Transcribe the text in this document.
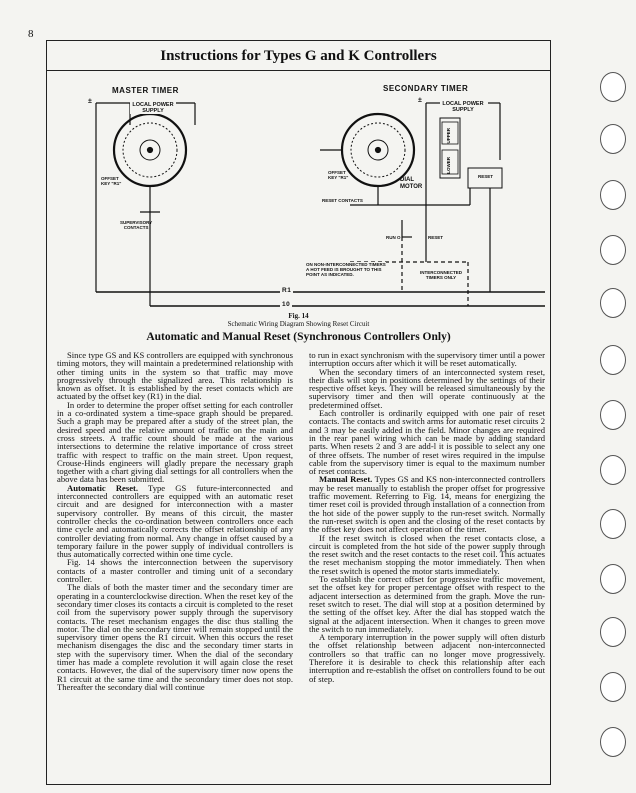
8
Instructions for Types G and K Controllers
MASTER TIMER	SECONDARY TIMER
±	±
LOCAL POWER
SUPPLY
LOCAL POWER
SUPPLY
OFFSET
KEY "R1"
OFFSET
KEY "R1"
SUPERVISORY
CONTACTS
DIAL
MOTOR
RESET CONTACTS
RESET
UPPER
LOWER
RUN O	RESET
ON NON-INTERCONNECTED TIMERS
A HOT FEED IS BROUGHT TO THIS
POINT AS INDICATED.	INTERCONNECTED
TIMERS ONLY
R1
10
Fig. 14
Schematic Wiring Diagram Showing Reset Circuit
Automatic and Manual Reset (Synchronous Controllers Only)

Since type GS and KS controllers are equipped with synchronous timing motors, they will maintain a predetermined relationship with other timing units in the system so that traffic may move progressively through the signalized area. This relationship is known as offset. It is established by the reset contacts which are actuated by the offset key (R1) in the dial.

In order to determine the proper offset setting for each controller in a co-ordinated system a time-space graph should be prepared. Such a graph may be prepared after a study of the street plan, the desired speed and the relative amount of traffic on the main and cross streets. A traffic count should be made at the various intersections to determine the relative importance of cross street traffic with respect to traffic on the main street. Upon request, Crouse-Hinds engineers will gladly prepare the necessary graph together with a chart giving dial settings for all controllers when the above data has been submitted.

Automatic Reset. Type GS future-interconnected and interconnected controllers are equipped with an automatic reset circuit and are designed for interconnection with a master supervisory controller. By means of this circuit, the master controller checks the co-ordination between controllers once each time cycle and automatically corrects the offset relationship of any controller deviating from normal. Any change in offset caused by a temporary failure in the power supply of individual controllers is thus automatically corrected within one time cycle.

Fig. 14 shows the interconnection between the supervisory contacts of a master controller and timing unit of a secondary controller.

The dials of both the master timer and the secondary timer are operating in a counterclockwise direction. When the reset key of the secondary timer closes its contacts a circuit is completed to the reset coil from the supervisory power supply through the supervisory contacts. The reset mechanism engages the disc thus stalling the motor. The dial on the secondary timer will remain stopped until the supervisory timer opens the R1 circuit. When this occurs the reset mechanism disengages the disc and the secondary timer starts in step with the supervisory timer. When the dial of the secondary timer has made a complete revolution it will again close the reset contacts. However, the dial of the supervisory timer now opens the R1 circuit at the same time and the secondary timer does not stop. Thereafter the secondary dial will continue

to run in exact synchronism with the supervisory timer until a power interruption occurs after which it will be reset automatically.

When the secondary timers of an interconnected system reset, their dials will stop in positions determined by the settings of their respective offset keys. They will be released simultaneously by the supervisory timer and then will operate continuously at the predetermined offset.

Each controller is ordinarily equipped with one pair of reset contacts. The contacts and switch arms for automatic reset circuits 2 and 3 may be easily added in the field. Minor changes are required in the rear panel wiring which can be made by adding standard parts. When resets 2 and 3 are add-l it is possible to select any one of three offsets. The number of reset wires required in the impulse cable from the supervisory timer is equal to the maximum number of reset contacts.

Manual Reset. Types GS and KS non-interconnected controllers may be reset manually to establish the proper offset for progressive traffic movement. Referring to Fig. 14, means for energizing the timer reset coil is provided through installation of a connection from the hot side of the power supply to the run-reset switch. Normally the run-reset switch is open and the closing of the reset contacts by the offset key does not affect operation of the timer.

If the reset switch is closed when the reset contacts close, a circuit is completed from the hot side of the power supply through the reset switch and the reset contacts to the reset coil. This actuates the reset mechanism stopping the motor immediately. Then when the reset switch is opened the motor starts immediately.

To establish the correct offset for progressive traffic movement, set the offset key for proper percentage offset with respect to the adjacent intersection as determined from the graph. Move the run-reset switch to reset. The dial will stop at a position determined by the setting of the offset key. After the dial has stopped watch the signal at the adjacent intersection. When it changes to green move the switch to run immediately.

A temporary interruption in the power supply will often disturb the offset relationship between adjacent non-interconnected controllers so that traffic can no longer move progressively. Therefore it is desirable to check this relationship after each interruption and re-establish the offset on controllers found to be out of step.
